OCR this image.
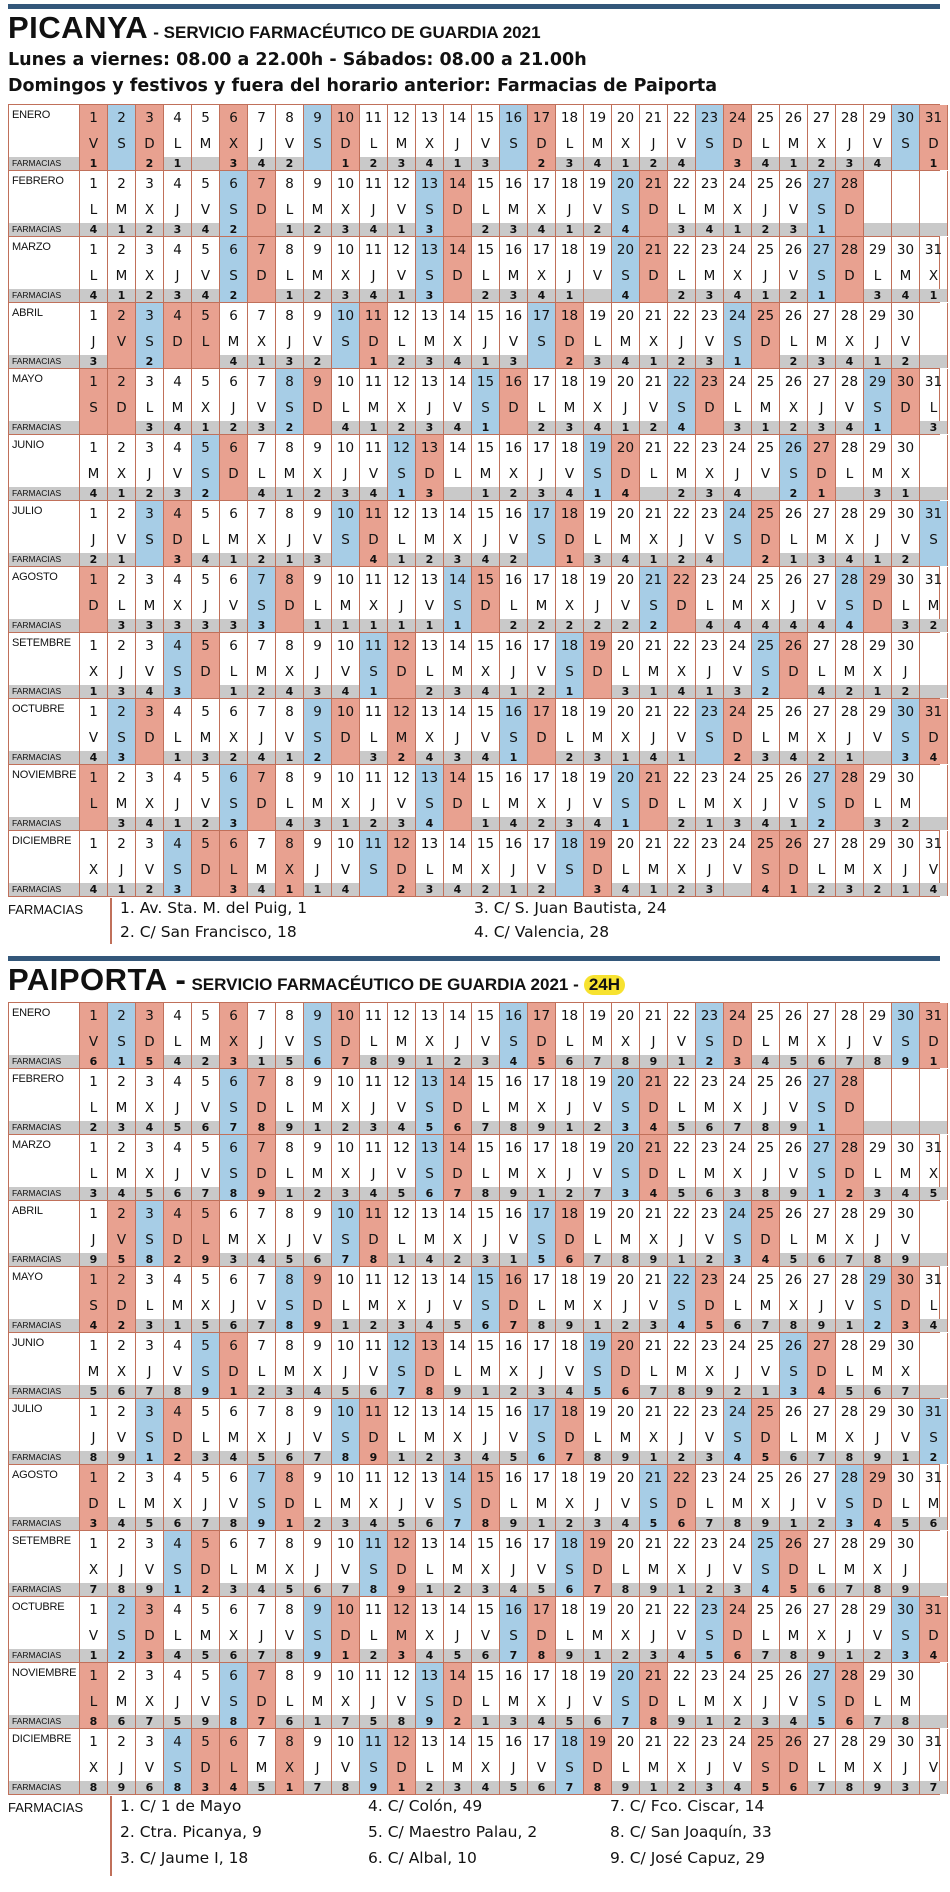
PICANYA - SERVICIO FARMACÉUTICO DE GUARDIA 2021
Lunes a viernes: 08.00 a 22.00h - Sábados: 08.00 a 21.00h
Domingos y festivos y fuera del horario anterior: Farmacias de Paiporta
ENERO
FARMACIAS
1
V
1
2
S
3
D
2
4
L
1
5
M
6
X
3
7
J
4
8
V
2
9
S
10
D
1
11
L
2
12
M
3
13
X
4
14
J
1
15
V
3
16
S
17
D
2
18
L
3
19
M
4
20
X
1
21
J
2
22
V
4
23
S
24
D
3
25
L
4
26
M
1
27
X
2
28
J
3
29
V
4
30
S
31
D
1
FEBRERO
FARMACIAS
1
L
4
2
M
1
3
X
2
4
J
3
5
V
4
6
S
2
7
D
8
L
1
9
M
2
10
X
3
11
J
4
12
V
1
13
S
3
14
D
15
L
2
16
M
3
17
X
4
18
J
1
19
V
2
20
S
4
21
D
22
L
3
23
M
4
24
X
1
25
J
2
26
V
3
27
S
1
28
D
MARZO
FARMACIAS
1
L
4
2
M
1
3
X
2
4
J
3
5
V
4
6
S
2
7
D
8
L
1
9
M
2
10
X
3
11
J
4
12
V
1
13
S
3
14
D
15
L
2
16
M
3
17
X
4
18
J
1
19
V
20
S
4
21
D
22
L
2
23
M
3
24
X
4
25
J
1
26
V
2
27
S
1
28
D
29
L
3
30
M
4
31
X
1
ABRIL
FARMACIAS
1
J
3
2
V
3
S
2
4
D
5
L
6
M
4
7
X
1
8
J
3
9
V
2
10
S
11
D
1
12
L
2
13
M
3
14
X
4
15
J
1
16
V
3
17
S
18
D
2
19
L
3
20
M
4
21
X
1
22
J
2
23
V
3
24
S
1
25
D
26
L
2
27
M
3
28
X
4
29
J
1
30
V
2
MAYO
FARMACIAS
1
S
2
D
3
L
3
4
M
4
5
X
1
6
J
2
7
V
3
8
S
2
9
D
10
L
4
11
M
1
12
X
2
13
J
3
14
V
4
15
S
1
16
D
17
L
2
18
M
3
19
X
4
20
J
1
21
V
2
22
S
4
23
D
24
L
3
25
M
1
26
X
2
27
J
3
28
V
4
29
S
1
30
D
31
L
3
JUNIO
FARMACIAS
1
M
4
2
X
1
3
J
2
4
V
3
5
S
2
6
D
7
L
4
8
M
1
9
X
2
10
J
3
11
V
4
12
S
1
13
D
3
14
L
15
M
1
16
X
2
17
J
3
18
V
4
19
S
1
20
D
4
21
L
22
M
2
23
X
3
24
J
4
25
V
26
S
2
27
D
1
28
L
29
M
3
30
X
1
JULIO
FARMACIAS
1
J
2
2
V
1
3
S
4
D
3
5
L
4
6
M
1
7
X
2
8
J
1
9
V
3
10
S
11
D
4
12
L
1
13
M
2
14
X
3
15
J
4
16
V
2
17
S
18
D
1
19
L
3
20
M
4
21
X
1
22
J
2
23
V
4
24
S
25
D
2
26
L
1
27
M
3
28
X
4
29
J
1
30
V
2
31
S
AGOSTO
FARMACIAS
1
D
2
L
3
3
M
3
4
X
3
5
J
3
6
V
3
7
S
3
8
D
9
L
1
10
M
1
11
X
1
12
J
1
13
V
1
14
S
1
15
D
16
L
2
17
M
2
18
X
2
19
J
2
20
V
2
21
S
2
22
D
23
L
4
24
M
4
25
X
4
26
J
4
27
V
4
28
S
4
29
D
30
L
3
31
M
2
SETEMBRE
FARMACIAS
1
X
1
2
J
3
3
V
4
4
S
3
5
D
6
L
1
7
M
2
8
X
4
9
J
3
10
V
4
11
S
1
12
D
13
L
2
14
M
3
15
X
4
16
J
1
17
V
2
18
S
1
19
D
20
L
3
21
M
1
22
X
4
23
J
1
24
V
3
25
S
2
26
D
27
L
4
28
M
2
29
X
1
30
J
2
OCTUBRE
FARMACIAS
1
V
4
2
S
3
3
D
4
L
1
5
M
3
6
X
2
7
J
4
8
V
1
9
S
2
10
D
11
L
3
12
M
2
13
X
4
14
J
3
15
V
4
16
S
1
17
D
18
L
2
19
M
3
20
X
1
21
J
4
22
V
1
23
S
24
D
2
25
L
3
26
M
4
27
X
2
28
J
1
29
V
30
S
3
31
D
4
NOVIEMBRE
FARMACIAS
1
L
2
M
3
3
X
4
4
J
1
5
V
2
6
S
3
7
D
8
L
4
9
M
3
10
X
1
11
J
2
12
V
3
13
S
4
14
D
15
L
1
16
M
4
17
X
2
18
J
3
19
V
4
20
S
1
21
D
22
L
2
23
M
1
24
X
3
25
J
4
26
V
1
27
S
2
28
D
29
L
3
30
M
2
DICIEMBRE
FARMACIAS
1
X
4
2
J
1
3
V
2
4
S
3
5
D
6
L
3
7
M
4
8
X
1
9
J
1
10
V
4
11
S
12
D
2
13
L
3
14
M
4
15
X
2
16
J
1
17
V
2
18
S
19
D
3
20
L
4
21
M
1
22
X
2
23
J
3
24
V
25
S
4
26
D
1
27
L
2
28
M
3
29
X
2
30
J
1
31
V
4
FARMACIAS 1. Av. Sta. M. del Puig, 1
2. C/ San Francisco, 18
3. C/ S. Juan Bautista, 24
4. C/ Valencia, 28
PAIPORTA - SERVICIO FARMACÉUTICO DE GUARDIA 2021 - 24H
ENERO
FARMACIAS
1
V
6
2
S
1
3
D
5
4
L
4
5
M
2
6
X
3
7
J
1
8
V
5
9
S
6
10
D
7
11
L
8
12
M
9
13
X
1
14
J
2
15
V
3
16
S
4
17
D
5
18
L
6
19
M
7
20
X
8
21
J
9
22
V
1
23
S
2
24
D
3
25
L
4
26
M
5
27
X
6
28
J
7
29
V
8
30
S
9
31
D
1
FEBRERO
FARMACIAS
1
L
2
2
M
3
3
X
4
4
J
5
5
V
6
6
S
7
7
D
8
8
L
9
9
M
1
10
X
2
11
J
3
12
V
4
13
S
5
14
D
6
15
L
7
16
M
8
17
X
9
18
J
1
19
V
2
20
S
3
21
D
4
22
L
5
23
M
6
24
X
7
25
J
8
26
V
9
27
S
1
28
D
MARZO
FARMACIAS
1
L
3
2
M
4
3
X
5
4
J
6
5
V
7
6
S
8
7
D
9
8
L
1
9
M
2
10
X
3
11
J
4
12
V
5
13
S
6
14
D
7
15
L
8
16
M
9
17
X
1
18
J
2
19
V
7
20
S
3
21
D
4
22
L
5
23
M
6
24
X
3
25
J
8
26
V
9
27
S
1
28
D
2
29
L
3
30
M
4
31
X
5
ABRIL
FARMACIAS
1
J
9
2
V
5
3
S
8
4
D
2
5
L
9
6
M
3
7
X
4
8
J
5
9
V
6
10
S
7
11
D
8
12
L
1
13
M
4
14
X
2
15
J
3
16
V
1
17
S
5
18
D
6
19
L
7
20
M
8
21
X
9
22
J
1
23
V
2
24
S
3
25
D
4
26
L
5
27
M
6
28
X
7
29
J
8
30
V
9
MAYO
FARMACIAS
1
S
4
2
D
2
3
L
3
4
M
1
5
X
5
6
J
6
7
V
7
8
S
8
9
D
9
10
L
1
11
M
2
12
X
3
13
J
4
14
V
5
15
S
6
16
D
7
17
L
8
18
M
9
19
X
1
20
J
2
21
V
3
22
S
4
23
D
5
24
L
6
25
M
7
26
X
8
27
J
9
28
V
1
29
S
2
30
D
3
31
L
4
JUNIO
FARMACIAS
1
M
5
2
X
6
3
J
7
4
V
8
5
S
9
6
D
1
7
L
2
8
M
3
9
X
4
10
J
5
11
V
6
12
S
7
13
D
8
14
L
9
15
M
1
16
X
2
17
J
3
18
V
4
19
S
5
20
D
6
21
L
7
22
M
8
23
X
9
24
J
2
25
V
1
26
S
3
27
D
4
28
L
5
29
M
6
30
X
7
JULIO
FARMACIAS
1
J
8
2
V
9
3
S
1
4
D
2
5
L
3
6
M
4
7
X
5
8
J
6
9
V
7
10
S
8
11
D
9
12
L
1
13
M
2
14
X
3
15
J
4
16
V
5
17
S
6
18
D
7
19
L
8
20
M
9
21
X
1
22
J
2
23
V
3
24
S
4
25
D
5
26
L
6
27
M
7
28
X
8
29
J
9
30
V
1
31
S
2
AGOSTO
FARMACIAS
1
D
3
2
L
4
3
M
5
4
X
6
5
J
7
6
V
8
7
S
9
8
D
1
9
L
2
10
M
3
11
X
4
12
J
5
13
V
6
14
S
7
15
D
8
16
L
9
17
M
1
18
X
2
19
J
3
20
V
4
21
S
5
22
D
6
23
L
7
24
M
8
25
X
9
26
J
1
27
V
2
28
S
3
29
D
4
30
L
5
31
M
6
SETEMBRE
FARMACIAS
1
X
7
2
J
8
3
V
9
4
S
1
5
D
2
6
L
3
7
M
4
8
X
5
9
J
6
10
V
7
11
S
8
12
D
9
13
L
1
14
M
2
15
X
3
16
J
4
17
V
5
18
S
6
19
D
7
20
L
8
21
M
9
22
X
1
23
J
2
24
V
3
25
S
4
26
D
5
27
L
6
28
M
7
29
X
8
30
J
9
OCTUBRE
FARMACIAS
1
V
1
2
S
2
3
D
3
4
L
4
5
M
5
6
X
6
7
J
7
8
V
8
9
S
9
10
D
1
11
L
2
12
M
3
13
X
4
14
J
5
15
V
6
16
S
7
17
D
8
18
L
9
19
M
1
20
X
2
21
J
3
22
V
4
23
S
5
24
D
6
25
L
7
26
M
8
27
X
9
28
J
1
29
V
2
30
S
3
31
D
4
NOVIEMBRE
FARMACIAS
1
L
8
2
M
6
3
X
7
4
J
5
5
V
9
6
S
8
7
D
7
8
L
6
9
M
1
10
X
7
11
J
5
12
V
8
13
S
9
14
D
2
15
L
1
16
M
3
17
X
4
18
J
5
19
V
6
20
S
7
21
D
8
22
L
9
23
M
1
24
X
2
25
J
3
26
V
4
27
S
5
28
D
6
29
L
7
30
M
8
DICIEMBRE
FARMACIAS
1
X
8
2
J
9
3
V
6
4
S
8
5
D
3
6
L
4
7
M
5
8
X
1
9
J
7
10
V
8
11
S
9
12
D
1
13
L
2
14
M
3
15
X
4
16
J
5
17
V
6
18
S
7
19
D
8
20
L
9
21
M
1
22
X
2
23
J
3
24
V
4
25
S
5
26
D
6
27
L
7
28
M
8
29
X
9
30
J
3
31
V
7
FARMACIAS 1. C/ 1 de Mayo
2. Ctra. Picanya, 9
3. C/ Jaume I, 18
4. C/ Colón, 49
5. C/ Maestro Palau, 2
6. C/ Albal, 10
7. C/ Fco. Ciscar, 14
8. C/ San Joaquín, 33
9. C/ José Capuz, 29
